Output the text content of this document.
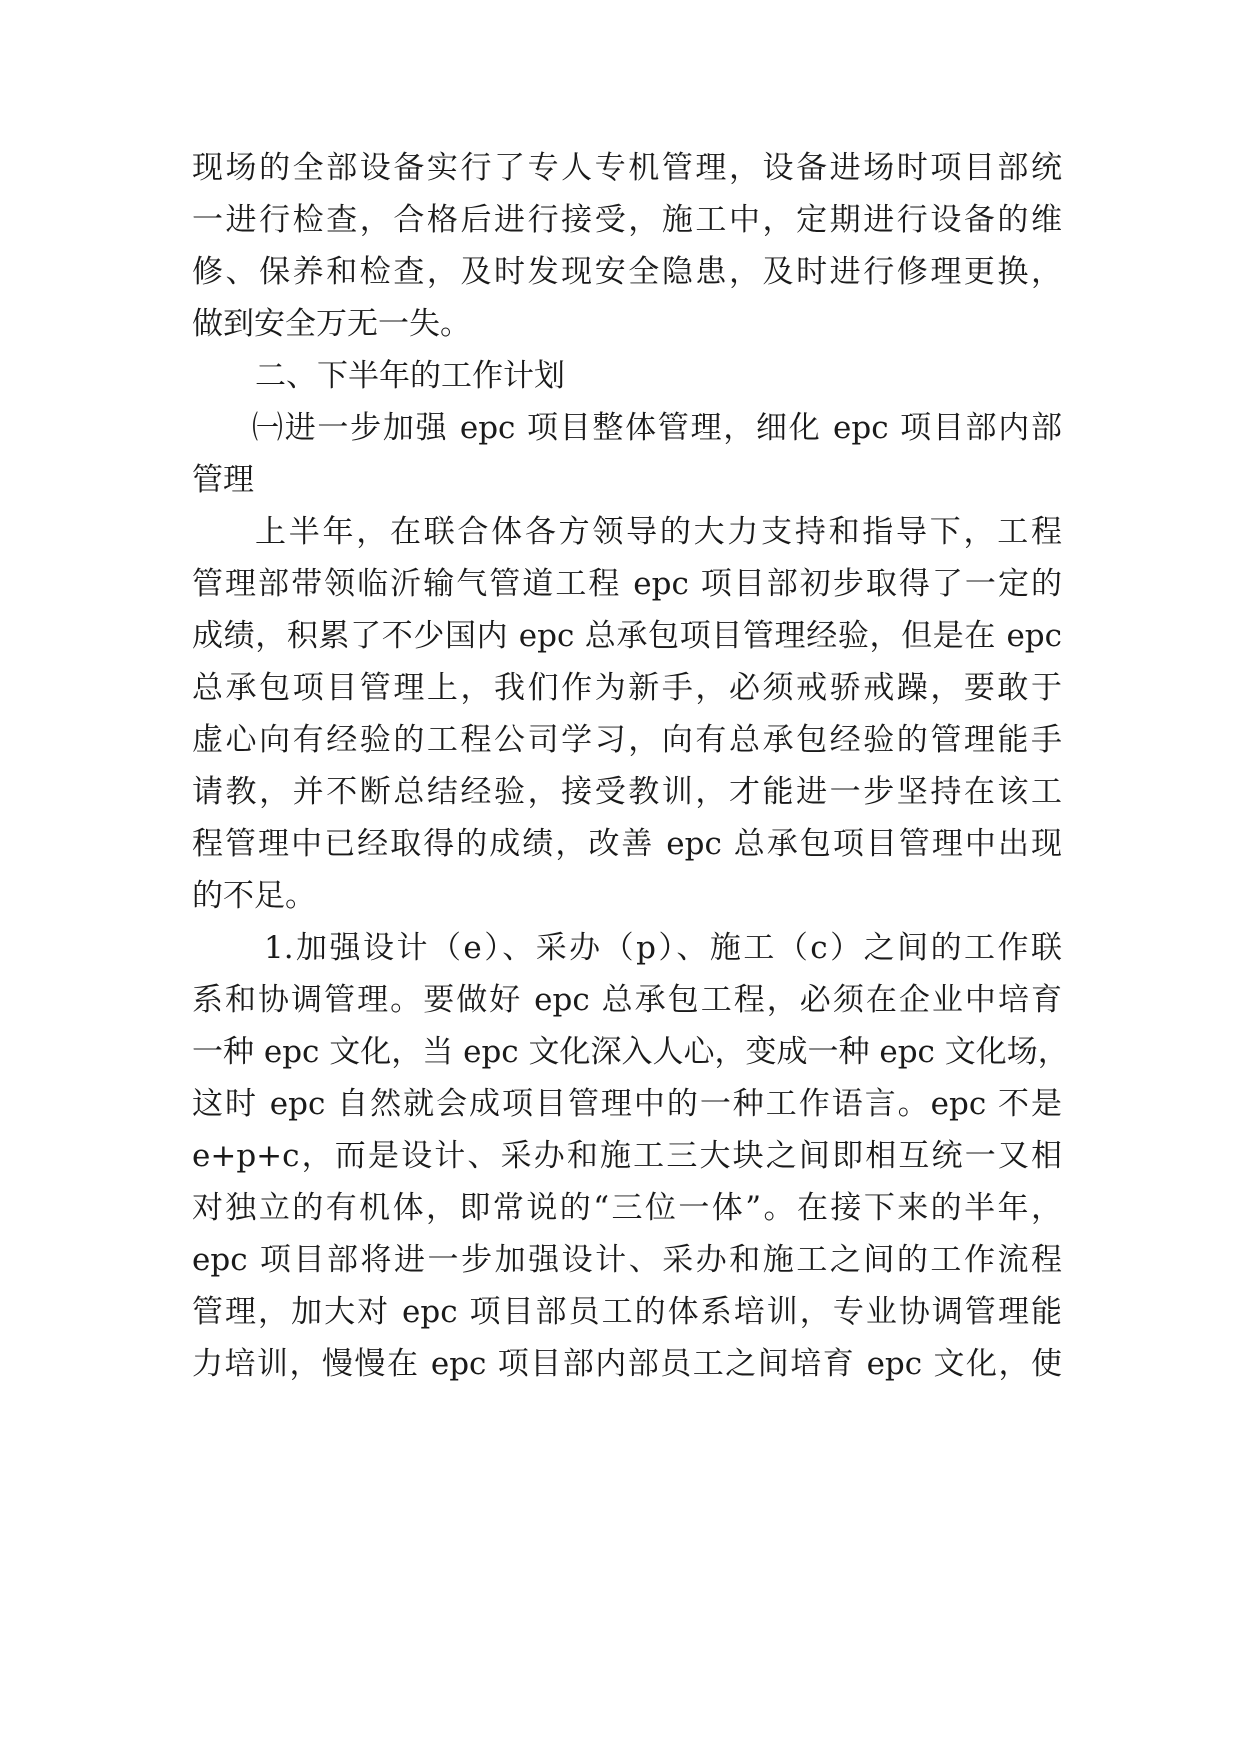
现场的全部设备实行了专人专机管理，设备进场时项目部统
一进行检查，合格后进行接受，施工中，定期进行设备的维
修、保养和检查，及时发现安全隐患，及时进行修理更换，
做到安全万无一失。
二、下半年的工作计划
㈠进一步加强 epc 项目整体管理，细化 epc 项目部内部
管理
上半年，在联合体各方领导的大力支持和指导下，工程
管理部带领临沂输气管道工程 epc 项目部初步取得了一定的
成绩，积累了不少国内 epc 总承包项目管理经验，但是在 epc
总承包项目管理上，我们作为新手，必须戒骄戒躁，要敢于
虚心向有经验的工程公司学习，向有总承包经验的管理能手
请教，并不断总结经验，接受教训，才能进一步坚持在该工
程管理中已经取得的成绩，改善 epc 总承包项目管理中出现
的不足。
1.加强设计（e）、采办（p）、施工（c）之间的工作联
系和协调管理。要做好 epc 总承包工程，必须在企业中培育
一种 epc 文化，当 epc 文化深入人心，变成一种 epc 文化场，
这时 epc 自然就会成项目管理中的一种工作语言。epc 不是
e+p+c，而是设计、采办和施工三大块之间即相互统一又相
对独立的有机体，即常说的“三位一体”。在接下来的半年，
epc 项目部将进一步加强设计、采办和施工之间的工作流程
管理，加大对 epc 项目部员工的体系培训，专业协调管理能
力培训，慢慢在 epc 项目部内部员工之间培育 epc 文化，使
